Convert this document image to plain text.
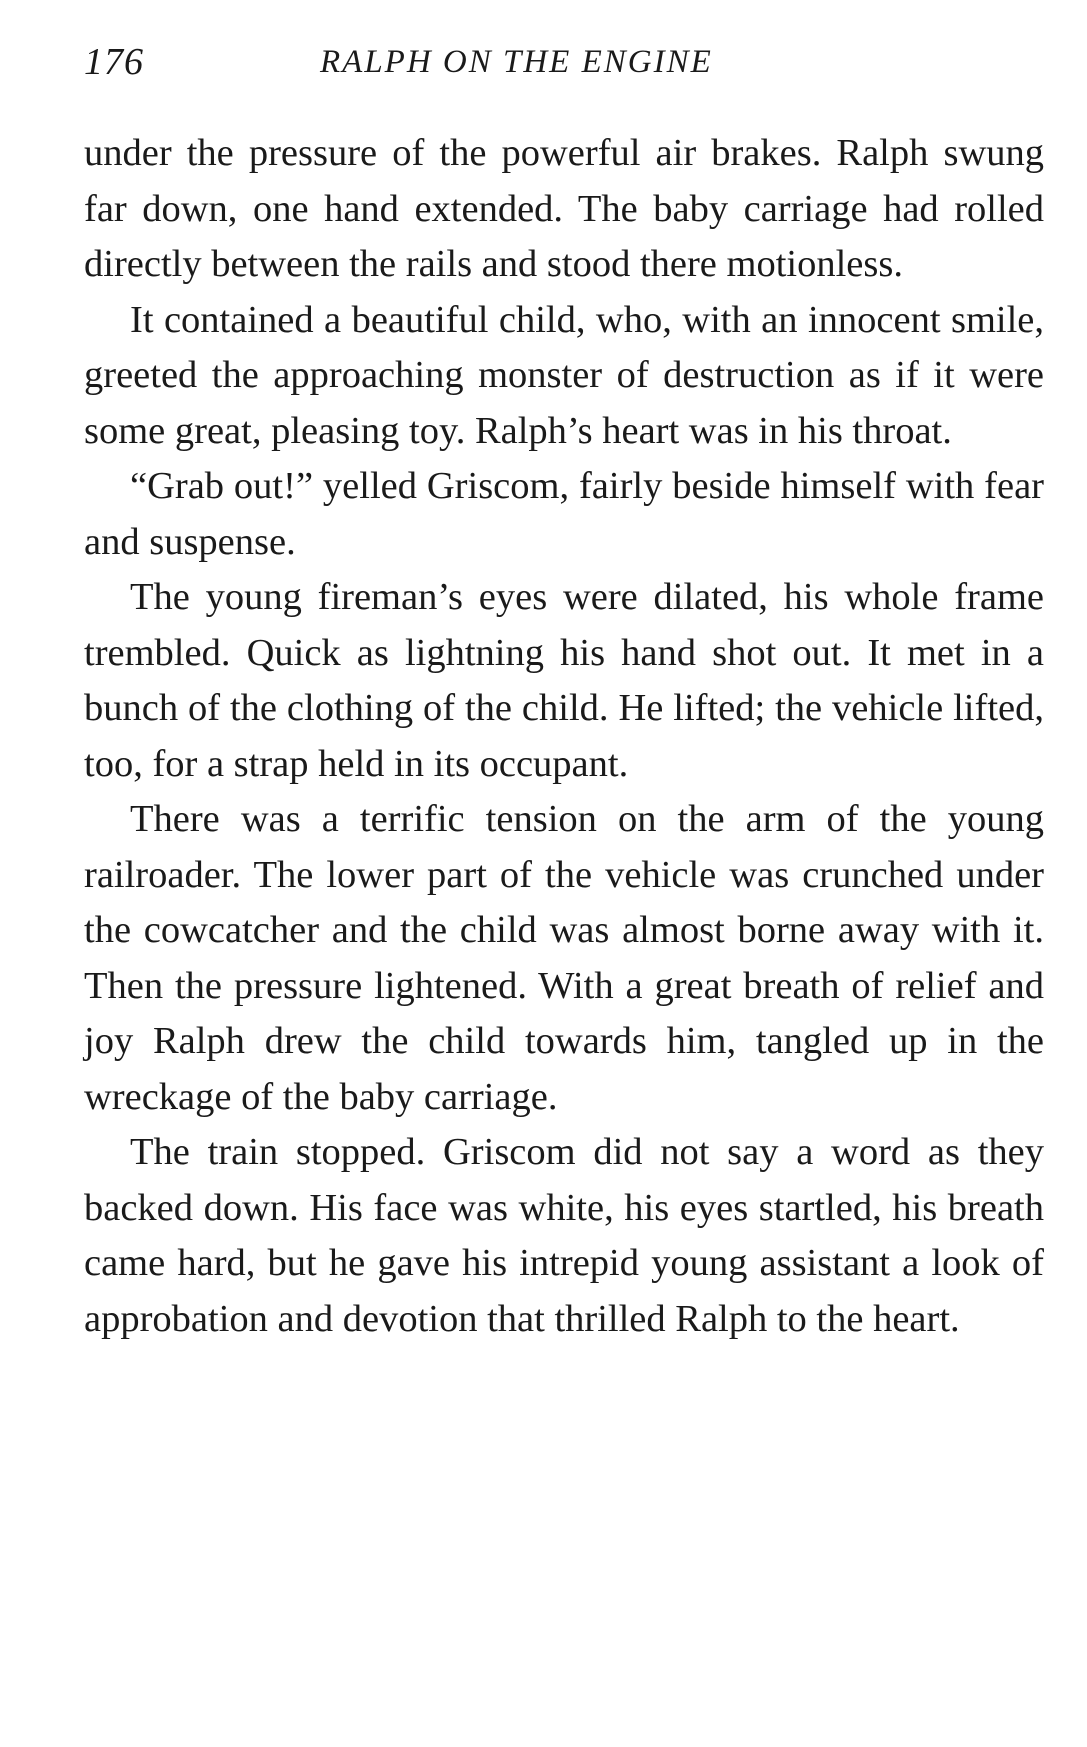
176	RALPH ON THE ENGINE

under the pressure of the powerful air brakes. Ralph swung far down, one hand extended. The baby carriage had rolled directly between the rails and stood there motionless.

It contained a beautiful child, who, with an innocent smile, greeted the approaching monster of destruction as if it were some great, pleasing toy. Ralph’s heart was in his throat.

“Grab out!” yelled Griscom, fairly beside himself with fear and suspense.

The young fireman’s eyes were dilated, his whole frame trembled. Quick as lightning his hand shot out. It met in a bunch of the clothing of the child. He lifted; the vehicle lifted, too, for a strap held in its occupant.

There was a terrific tension on the arm of the young railroader. The lower part of the vehicle was crunched under the cowcatcher and the child was almost borne away with it. Then the pressure lightened. With a great breath of relief and joy Ralph drew the child towards him, tangled up in the wreckage of the baby carriage.

The train stopped. Griscom did not say a word as they backed down. His face was white, his eyes startled, his breath came hard, but he gave his intrepid young assistant a look of approbation and devotion that thrilled Ralph to the heart.
